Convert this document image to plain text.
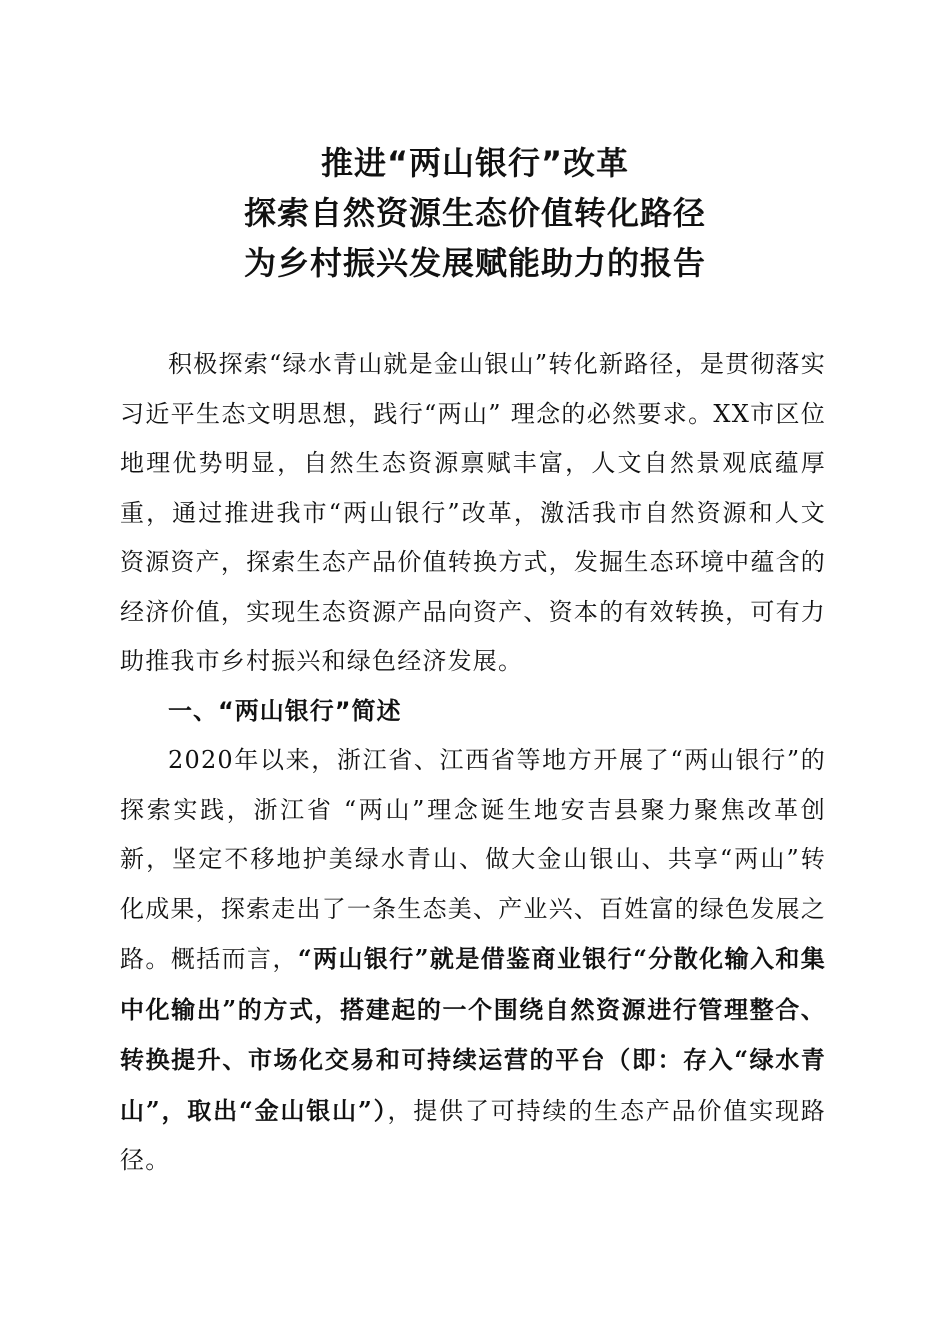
推进“两山银行”改革
探索自然资源生态价值转化路径
为乡村振兴发展赋能助力的报告

积极探索“绿水青山就是金山银山”转化新路径，是贯彻落实习近平生态文明思想，践行“两山” 理念的必然要求。XX市区位地理优势明显，自然生态资源禀赋丰富，人文自然景观底蕴厚重，通过推进我市“两山银行”改革，激活我市自然资源和人文资源资产，探索生态产品价值转换方式，发掘生态环境中蕴含的经济价值，实现生态资源产品向资产、资本的有效转换，可有力助推我市乡村振兴和绿色经济发展。

一、“两山银行”简述

2020年以来，浙江省、江西省等地方开展了“两山银行”的探索实践，浙江省 “两山”理念诞生地安吉县聚力聚焦改革创新，坚定不移地护美绿水青山、做大金山银山、共享“两山”转化成果，探索走出了一条生态美、产业兴、百姓富的绿色发展之路。概括而言，“两山银行”就是借鉴商业银行“分散化输入和集中化输出”的方式，搭建起的一个围绕自然资源进行管理整合、转换提升、市场化交易和可持续运营的平台（即：存入“绿水青山”，取出“金山银山”），提供了可持续的生态产品价值实现路径。
